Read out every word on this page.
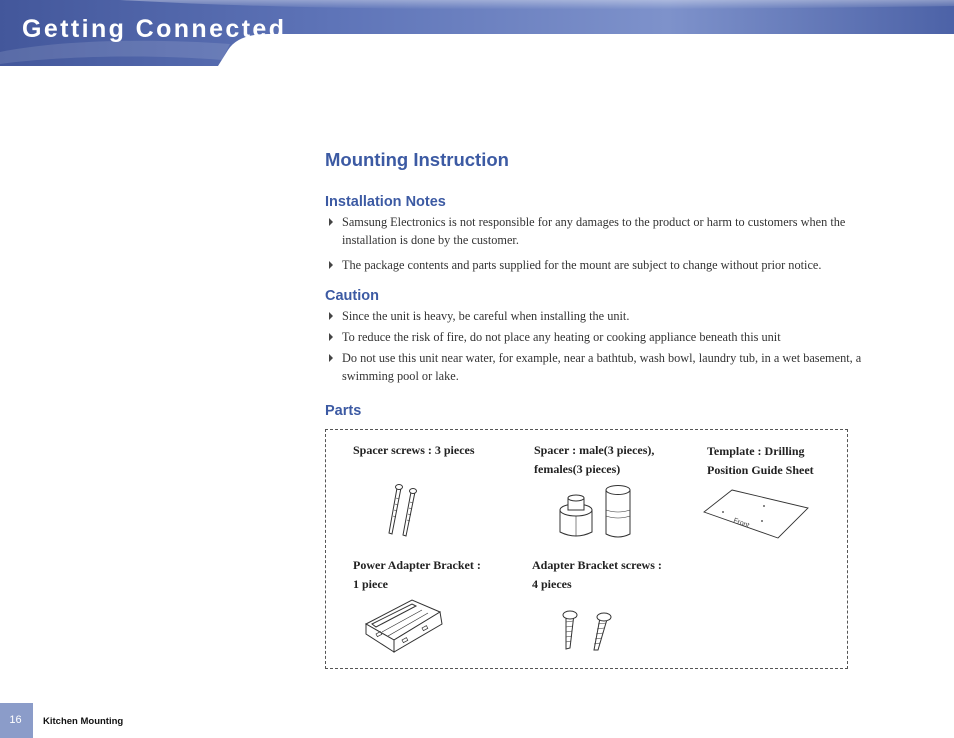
Getting Connected
Mounting Instruction
Installation Notes
Samsung Electronics is not responsible for any damages to the product or harm to customers when the installation is done by the customer.
The package contents and parts supplied for the mount are subject to change without prior notice.
Caution
Since the unit is heavy, be careful when installing the unit.
To reduce the risk of fire, do not place any heating or cooking appliance beneath this unit
Do not use this unit near water, for example, near a bathtub, wash bowl, laundry tub, in a wet basement, a swimming pool or lake.
Parts
Spacer screws : 3 pieces	Spacer : male(3 pieces),
females(3 pieces)
Template : Drilling
Position Guide Sheet
Front
Power Adapter Bracket :
1 piece
Adapter Bracket screws :
4 pieces
16	Kitchen Mounting
